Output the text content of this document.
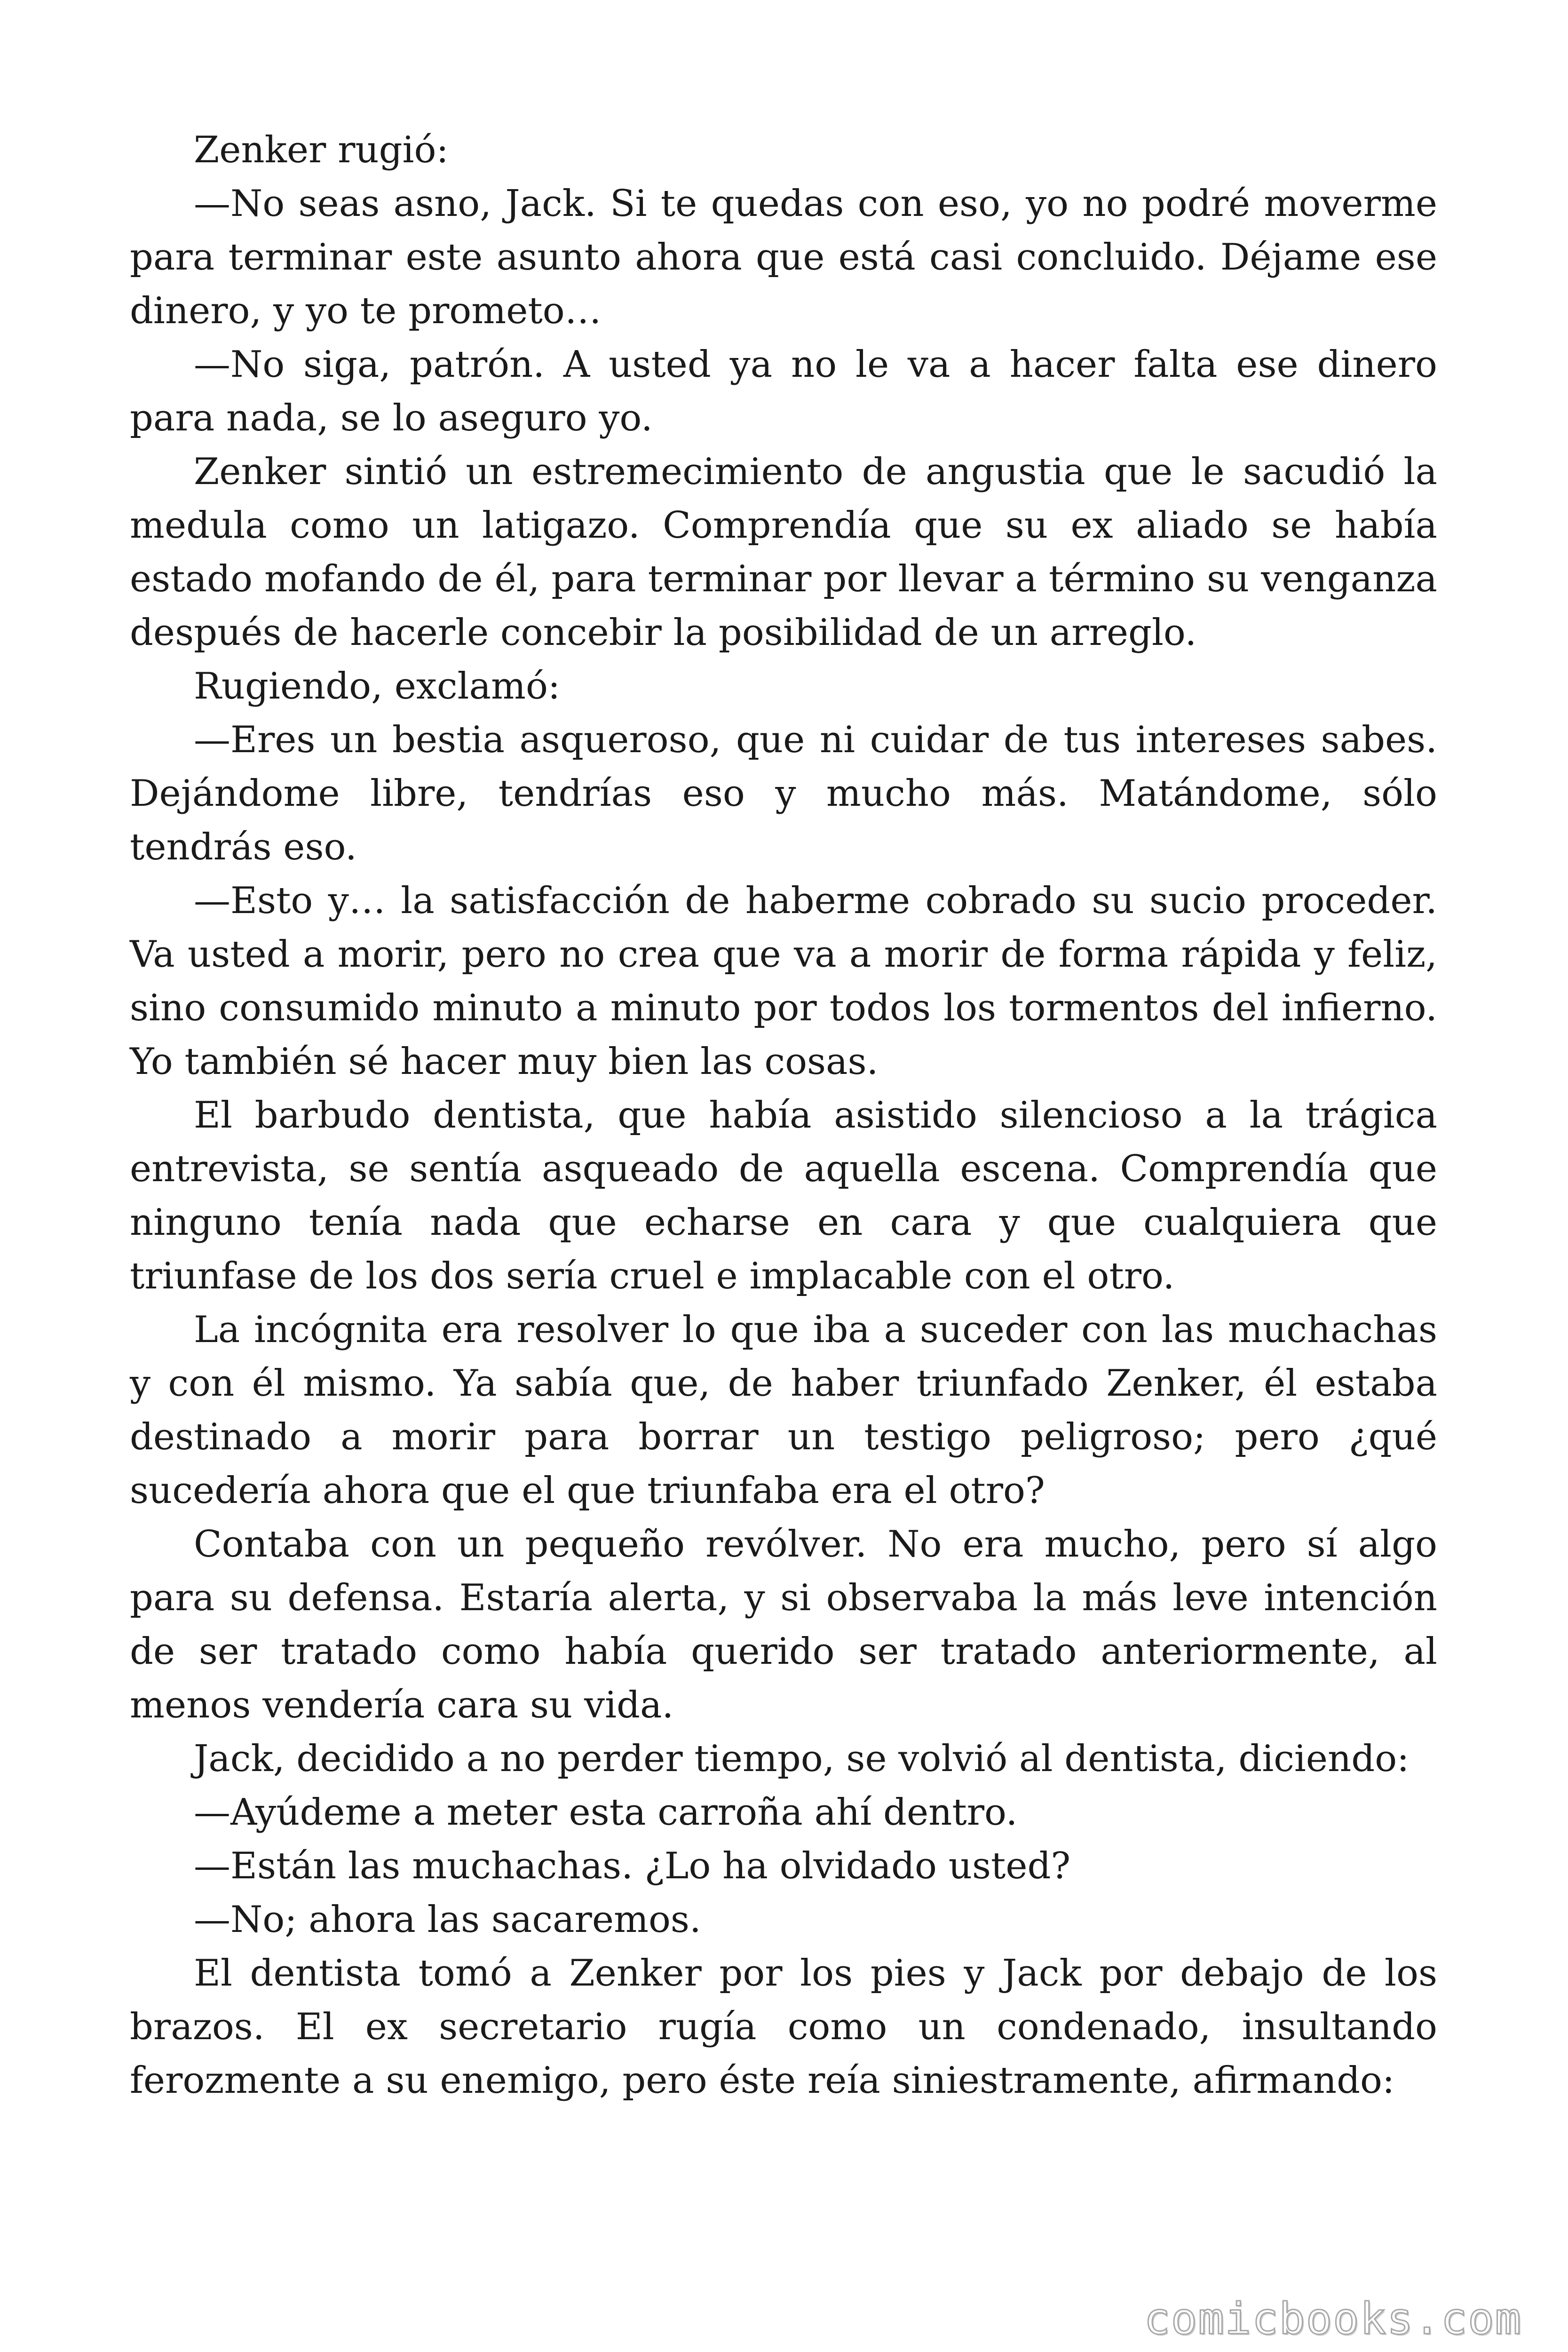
Zenker rugió:

—No seas asno, Jack. Si te quedas con eso, yo no podré moverme para terminar este asunto ahora que está casi concluido. Déjame ese dinero, y yo te prometo…

—No siga, patrón. A usted ya no le va a hacer falta ese dinero para nada, se lo aseguro yo.

Zenker sintió un estremecimiento de angustia que le sacudió la medula como un latigazo. Comprendía que su ex aliado se había estado mofando de él, para terminar por llevar a término su venganza después de hacerle concebir la posibilidad de un arreglo.

Rugiendo, exclamó:

—Eres un bestia asqueroso, que ni cuidar de tus intereses sabes. Dejándome libre, tendrías eso y mucho más. Matándome, sólo tendrás eso.

—Esto y… la satisfacción de haberme cobrado su sucio proceder. Va usted a morir, pero no crea que va a morir de forma rápida y feliz, sino consumido minuto a minuto por todos los tormentos del infierno. Yo también sé hacer muy bien las cosas.

El barbudo dentista, que había asistido silencioso a la trágica entrevista, se sentía asqueado de aquella escena. Comprendía que ninguno tenía nada que echarse en cara y que cualquiera que triunfase de los dos sería cruel e implacable con el otro.

La incógnita era resolver lo que iba a suceder con las muchachas y con él mismo. Ya sabía que, de haber triunfado Zenker, él estaba destinado a morir para borrar un testigo peligroso; pero ¿qué sucedería ahora que el que triunfaba era el otro?

Contaba con un pequeño revólver. No era mucho, pero sí algo para su defensa. Estaría alerta, y si observaba la más leve intención de ser tratado como había querido ser tratado anteriormente, al menos vendería cara su vida.

Jack, decidido a no perder tiempo, se volvió al dentista, diciendo:

—Ayúdeme a meter esta carroña ahí dentro.

—Están las muchachas. ¿Lo ha olvidado usted?

—No; ahora las sacaremos.

El dentista tomó a Zenker por los pies y Jack por debajo de los brazos. El ex secretario rugía como un condenado, insultando ferozmente a su enemigo, pero éste reía siniestramente, afirmando:

comicbooks.com
